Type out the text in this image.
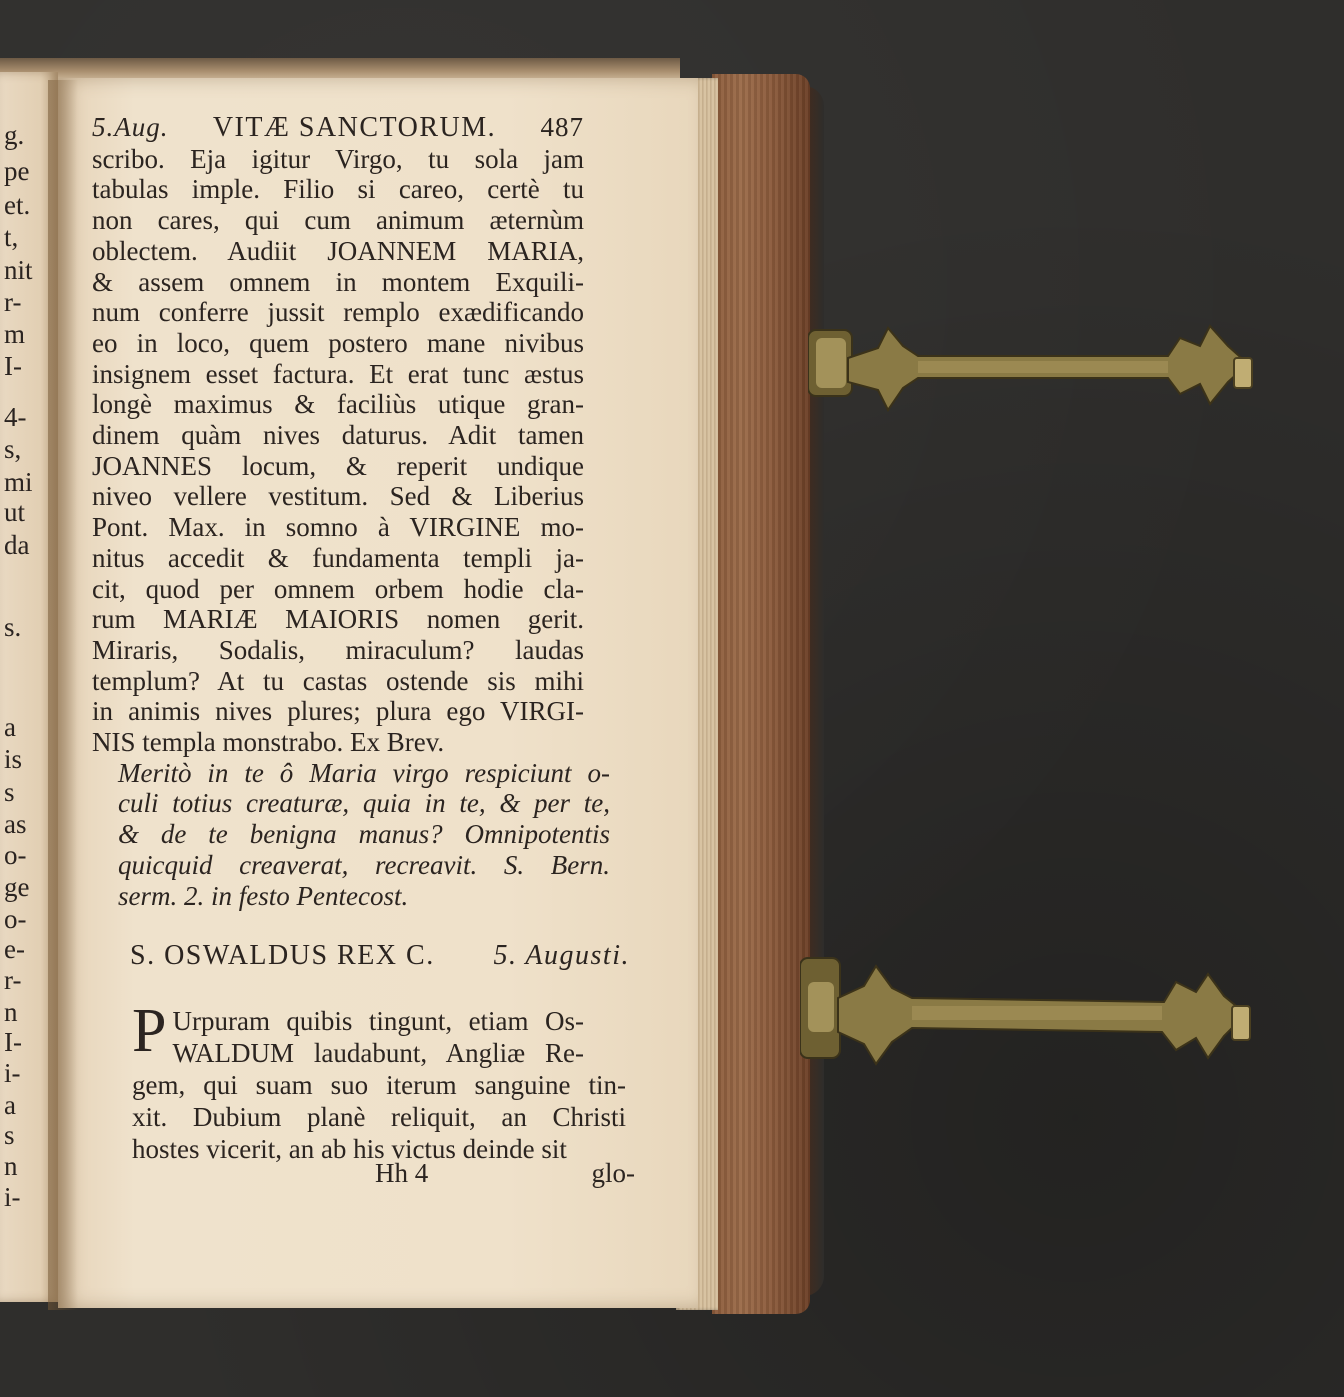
g.
pe
et.
t,
nit
r-
m
I-
4-
s,
mi
ut
da
s.
a
is
s
as
o-
ge
o-
e-
r-
n
I-
i-
a
s
n
i-
5.Aug. VITÆ SANCTORUM. 487
scribo. Eja igitur Virgo, tu sola jam
tabulas imple. Filio si careo, certè tu
non cares, qui cum animum æternùm
oblectem. Audiit JOANNEM MARIA,
& assem omnem in montem Exquili-
num conferre jussit remplo exædificando
eo in loco, quem postero mane nivibus
insignem esset factura. Et erat tunc æstus
longè maximus & faciliùs utique gran-
dinem quàm nives daturus. Adit tamen
JOANNES locum, & reperit undique
niveo vellere vestitum. Sed & Liberius
Pont. Max. in somno à VIRGINE mo-
nitus accedit & fundamenta templi ja-
cit, quod per omnem orbem hodie cla-
rum MARIÆ MAIORIS nomen gerit.
Miraris, Sodalis, miraculum? laudas
templum? At tu castas ostende sis mihi
in animis nives plures; plura ego VIRGI-
NIS templa monstrabo. Ex Brev.
Meritò in te ô Maria virgo respiciunt o-
culi totius creaturæ, quia in te, & per te,
& de te benigna manus? Omnipotentis
quicquid creaverat, recreavit. S. Bern.
serm. 2. in festo Pentecost.
S. OSWALDUS REX C. 5. Augusti.
P Urpuram quibis tingunt, etiam Os-
WALDUM laudabunt, Angliæ Re-
gem, qui suam suo iterum sanguine tin-
xit. Dubium planè reliquit, an Christi
hostes vicerit, an ab his victus deinde sit
Hh 4	glo-
